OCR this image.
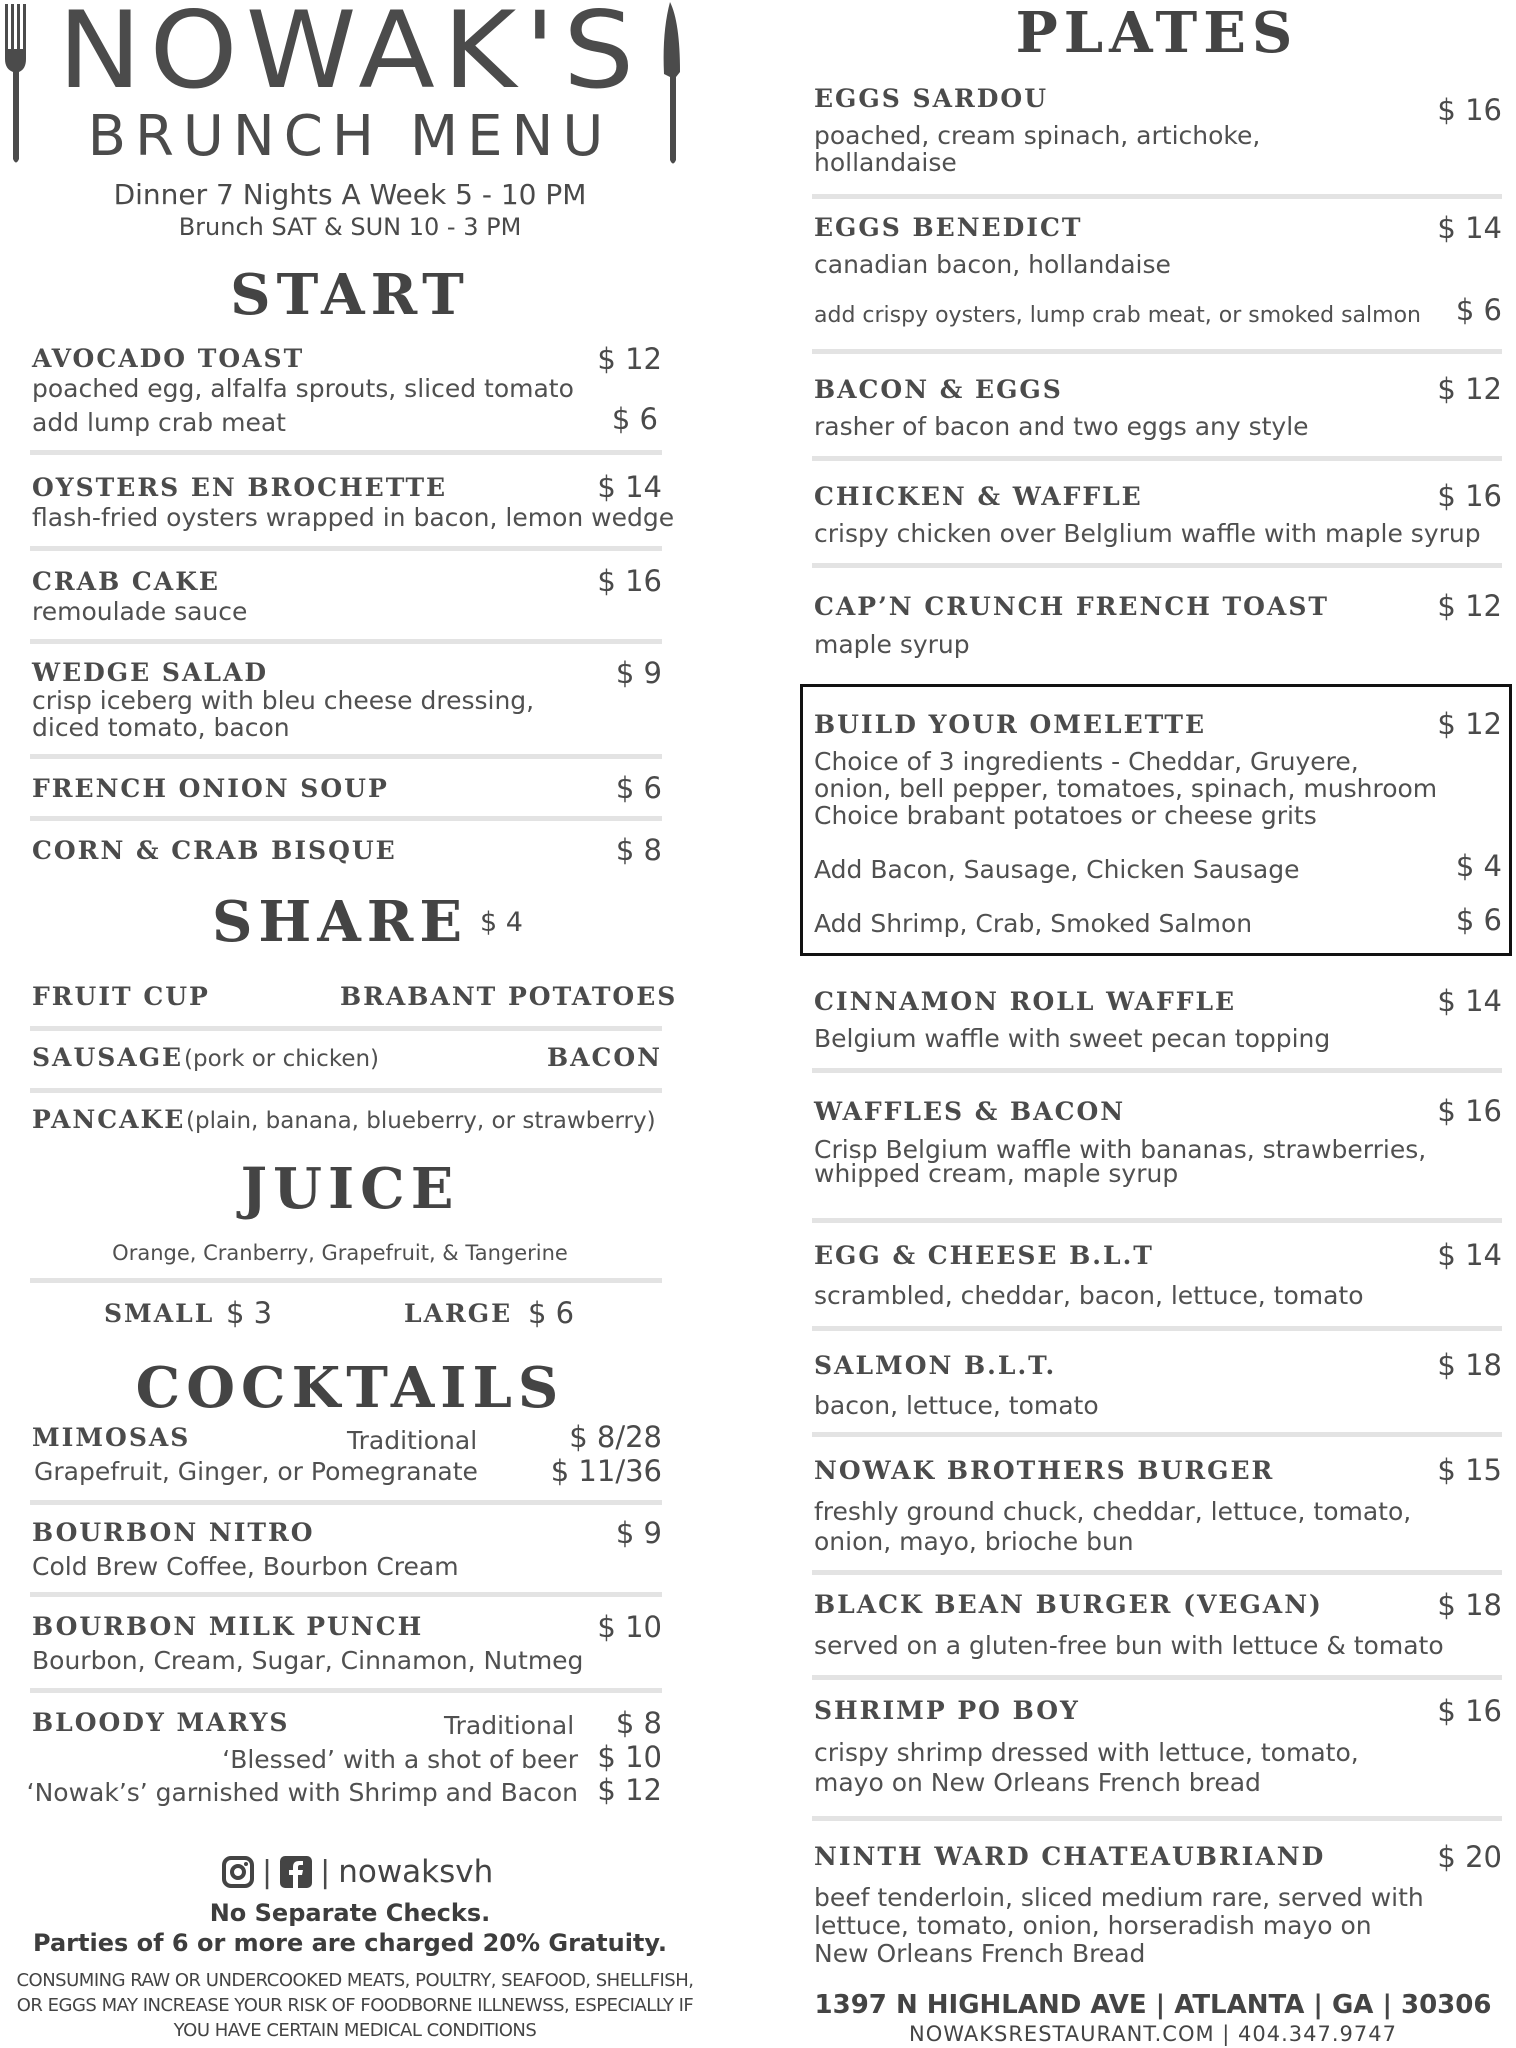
NOWAK'S
BRUNCH MENU
Dinner 7 Nights A Week 5 - 10 PM
Brunch SAT & SUN 10 - 3 PM
START
AVOCADO TOAST	$ 12
poached egg, alfalfa sprouts, sliced tomato
add lump crab meat	$ 6
OYSTERS EN BROCHETTE	$ 14
flash-fried oysters wrapped in bacon, lemon wedge
CRAB CAKE	$ 16
remoulade sauce
WEDGE SALAD	$ 9
crisp iceberg with bleu cheese dressing,
diced tomato, bacon
FRENCH ONION SOUP	$ 6
CORN & CRAB BISQUE	$ 8
SHARE $ 4
FRUIT CUP	BRABANT POTATOES
SAUSAGE (pork or chicken)	BACON
PANCAKE (plain, banana, blueberry, or strawberry)
JUICE
Orange, Cranberry, Grapefruit, & Tangerine
SMALL $ 3	LARGE $ 6
COCKTAILS
MIMOSAS	Traditional	$ 8/28
Grapefruit, Ginger, or Pomegranate	$ 11/36
BOURBON NITRO	$ 9
Cold Brew Coffee, Bourbon Cream
BOURBON MILK PUNCH	$ 10
Bourbon, Cream, Sugar, Cinnamon, Nutmeg
BLOODY MARYS	Traditional	$ 8
‘Blessed’ with a shot of beer $ 10
‘Nowak’s’ garnished with Shrimp and Bacon $ 12
| | nowaksvh
No Separate Checks.
Parties of 6 or more are charged 20% Gratuity.
CONSUMING RAW OR UNDERCOOKED MEATS, POULTRY, SEAFOOD, SHELLFISH,
OR EGGS MAY INCREASE YOUR RISK OF FOODBORNE ILLNEWSS, ESPECIALLY IF
YOU HAVE CERTAIN MEDICAL CONDITIONS
PLATES
EGGS SARDOU	$ 16
poached, cream spinach, artichoke,
hollandaise
EGGS BENEDICT	$ 14
canadian bacon, hollandaise
add crispy oysters, lump crab meat, or smoked salmon	$ 6
BACON & EGGS	$ 12
rasher of bacon and two eggs any style
CHICKEN & WAFFLE	$ 16
crispy chicken over Belglium waffle with maple syrup
CAP’N CRUNCH FRENCH TOAST	$ 12
maple syrup
BUILD YOUR OMELETTE	$ 12
Choice of 3 ingredients - Cheddar, Gruyere,
onion, bell pepper, tomatoes, spinach, mushroom
Choice brabant potatoes or cheese grits
Add Bacon, Sausage, Chicken Sausage	$ 4
Add Shrimp, Crab, Smoked Salmon	$ 6
CINNAMON ROLL WAFFLE	$ 14
Belgium waffle with sweet pecan topping
WAFFLES & BACON	$ 16
Crisp Belgium waffle with bananas, strawberries,
whipped cream, maple syrup
EGG & CHEESE B.L.T	$ 14
scrambled, cheddar, bacon, lettuce, tomato
SALMON B.L.T.	$ 18
bacon, lettuce, tomato
NOWAK BROTHERS BURGER	$ 15
freshly ground chuck, cheddar, lettuce, tomato,
onion, mayo, brioche bun
BLACK BEAN BURGER (VEGAN)	$ 18
served on a gluten-free bun with lettuce & tomato
SHRIMP PO BOY	$ 16
crispy shrimp dressed with lettuce, tomato,
mayo on New Orleans French bread
NINTH WARD CHATEAUBRIAND	$ 20
beef tenderloin, sliced medium rare, served with
lettuce, tomato, onion, horseradish mayo on
New Orleans French Bread
1397 N HIGHLAND AVE | ATLANTA | GA | 30306
NOWAKSRESTAURANT.COM | 404.347.9747
